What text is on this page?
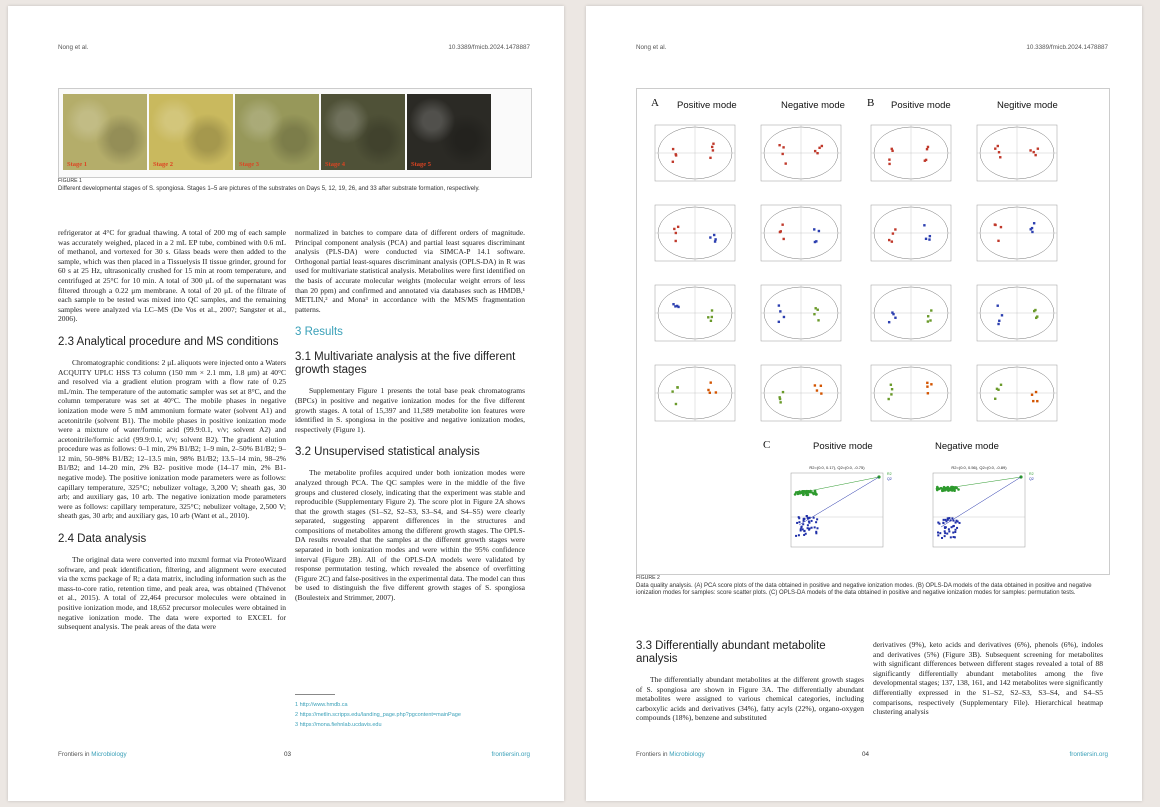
Nong et al.	10.3389/fmicb.2024.1478887
Stage 1	Stage 2	Stage 3	Stage 4	Stage 5
FIGURE 1
Different developmental stages of S. spongiosa. Stages 1–5 are pictures of the substrates on Days 5, 12, 19, 26, and 33 after substrate formation, respectively.

refrigerator at 4°C for gradual thawing. A total of 200 mg of each sample was accurately weighed, placed in a 2 mL EP tube, combined with 0.6 mL of methanol, and vortexed for 30 s. Glass beads were then added to the sample, which was then placed in a Tissuelysis II tissue grinder, ground for 60 s at 25 Hz, ultrasonically crushed for 15 min at room temperature, and centrifuged at 25°C for 10 min. A total of 300 μL of the supernatant was filtered through a 0.22 μm membrane. A total of 20 μL of the filtrate of each sample to be tested was mixed into QC samples, and the remaining samples were analyzed via LC–MS (De Vos et al., 2007; Sangster et al., 2006).

2.3 Analytical procedure and MS conditions

Chromatographic conditions: 2 μL aliquots were injected onto a Waters ACQUITY UPLC HSS T3 column (150 mm × 2.1 mm, 1.8 μm) at 40°C and resolved via a gradient elution program with a flow rate of 0.25 mL/min. The temperature of the automatic sampler was set at 8°C, and the column temperature was set at 40°C. The mobile phases in negative ionization mode were 5 mM ammonium formate water (solvent A1) and acetonitrile (solvent B1). The mobile phases in positive ionization mode were a mixture of water/formic acid (99.9:0.1, v/v; solvent A2) and acetonitrile/formic acid (99.9:0.1, v/v; solvent B2). The gradient elution procedure was as follows: 0–1 min, 2% B1/B2; 1–9 min, 2–50% B1/B2; 9–12 min, 50–98% B1/B2; 12–13.5 min, 98% B1/B2; 13.5–14 min, 98–2% B1/B2; and 14–20 min, 2% B2- positive mode (14–17 min, 2% B1-negative mode). The positive ionization mode parameters were as follows: capillary temperature, 325°C; nebulizer voltage, 3,200 V; sheath gas, 30 arb; and auxiliary gas, 10 arb. The negative ionization mode parameters were as follows: capillary temperature, 325°C; nebulizer voltage, 2,500 V; sheath gas, 30 arb; and auxiliary gas, 10 arb (Want et al., 2010).

2.4 Data analysis

The original data were converted into mzxml format via ProteoWizard software, and peak identification, filtering, and alignment were executed via the xcms package of R; a data matrix, including information such as the mass-to-core ratio, retention time, and peak area, was obtained (Thévenot et al., 2015). A total of 22,464 precursor molecules were obtained in positive ionization mode, and 18,652 precursor molecules were obtained in negative ionization mode. The data were exported to EXCEL for subsequent analysis. The peak areas of the data were

normalized in batches to compare data of different orders of magnitude. Principal component analysis (PCA) and partial least squares discriminant analysis (PLS-DA) were conducted via SIMCA-P 14.1 software. Orthogonal partial least-squares discriminant analysis (OPLS-DA) in R was used for multivariate statistical analysis. Metabolites were first identified on the basis of accurate molecular weights (molecular weight errors of less than 20 ppm) and confirmed and annotated via databases such as HMDB,¹ METLIN,² and Mona³ in accordance with the MS/MS fragmentation patterns.

3 Results
3.1 Multivariate analysis at the five different growth stages

Supplementary Figure 1 presents the total base peak chromatograms (BPCs) in positive and negative ionization modes for the five different growth stages. A total of 15,397 and 11,589 metabolite ion features were identified in S. spongiosa in the positive and negative ionization modes, respectively (Figure 1).

3.2 Unsupervised statistical analysis

The metabolite profiles acquired under both ionization modes were analyzed through PCA. The QC samples were in the middle of the five groups and clustered closely, indicating that the experiment was stable and reproducible (Supplementary Figure 2). The score plot in Figure 2A shows that the growth stages (S1–S2, S2–S3, S3–S4, and S4–S5) were clearly separated, suggesting apparent differences in the structures and compositions of metabolites among the different growth stages. The OPLS-DA results revealed that the samples at the different growth stages were separated in both ionization modes and were within the 95% confidence interval (Figure 2B). All of the OPLS-DA models were validated by response permutation testing, which revealed the absence of overfitting (Figure 2C) and false-positives in the experimental data. The model can thus be used to distinguish the five different growth stages of S. spongiosa (Boulesteix and Strimmer, 2007).

1 http://www.hmdb.ca
2 https://metlin.scripps.edu/landing_page.php?pgcontent=mainPage
3 https://mona.fiehnlab.ucdavis.edu
Frontiers in Microbiology	03	frontiersin.org
Nong et al.	10.3389/fmicb.2024.1478887
A Positive mode	Negative mode B Positive mode	Negitive mode
C	Positive mode	Negative mode
R2=(0.0, 0.17), Q2=(0.0, -0.75)
R2
Q2
R2=(0.0, 0.56), Q2=(0.0, -0.89)
R2
Q2
FIGURE 2
Data quality analysis. (A) PCA score plots of the data obtained in positive and negative ionization modes. (B) OPLS-DA models of the data obtained in positive and negative ionization modes for samples: score scatter plots. (C) OPLS-DA models of the data obtained in positive and negative ionization modes for samples: permutation tests.
3.3 Differentially abundant metabolite analysis

The differentially abundant metabolites at the different growth stages of S. spongiosa are shown in Figure 3A. The differentially abundant metabolites were assigned to various chemical categories, including carboxylic acids and derivatives (34%), fatty acyls (22%), organo-oxygen compounds (18%), benzene and substituted

derivatives (9%), keto acids and derivatives (6%), phenols (6%), indoles and derivatives (5%) (Figure 3B). Subsequent screening for metabolites with significant differences between different stages revealed a total of 88 significantly differentially abundant metabolites among the five developmental stages; 137, 138, 161, and 142 metabolites were significantly differentially expressed in the S1–S2, S2–S3, S3–S4, and S4–S5 comparisons, respectively (Supplementary File). Hierarchical heatmap clustering analysis

Frontiers in Microbiology	04	frontiersin.org
